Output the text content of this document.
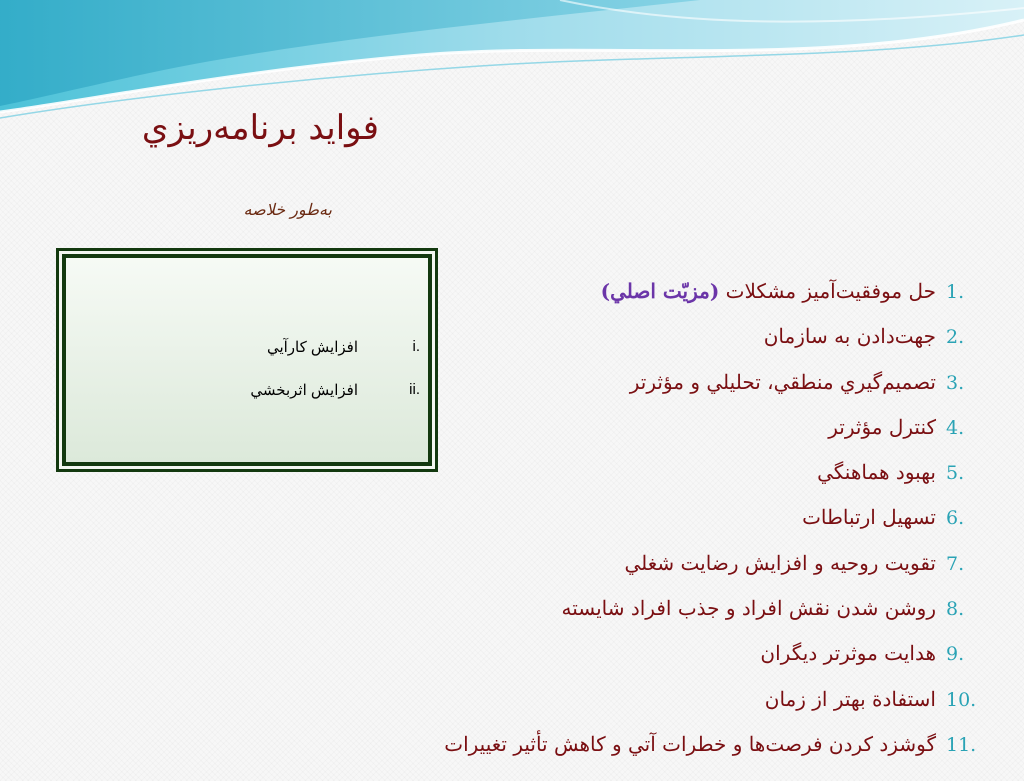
فواید برنامه‌ریزي
به‌طور خلاصه
i.
افزايش كارآيي
ii.
افزايش اثربخشي
1.حل موفقيت‌آميز مشكلات (مزيّت اصلي)
2.جهت‌دادن به سازمان
3.تصميم‌گيري منطقي، تحليلي و مؤثرتر
4.كنترل مؤثرتر
5.بهبود هماهنگي
6.تسهيل ارتباطات
7.تقويت روحيه و افزايش رضايت شغلي
8.روشن شدن نقش افراد و جذب افراد شايسته
9.هدايت موثرتر ديگران
10.استفادة بهتر از زمان
11.گوشزد كردن فرصت‌ها و خطرات آتي و كاهش تأثير تغييرات
